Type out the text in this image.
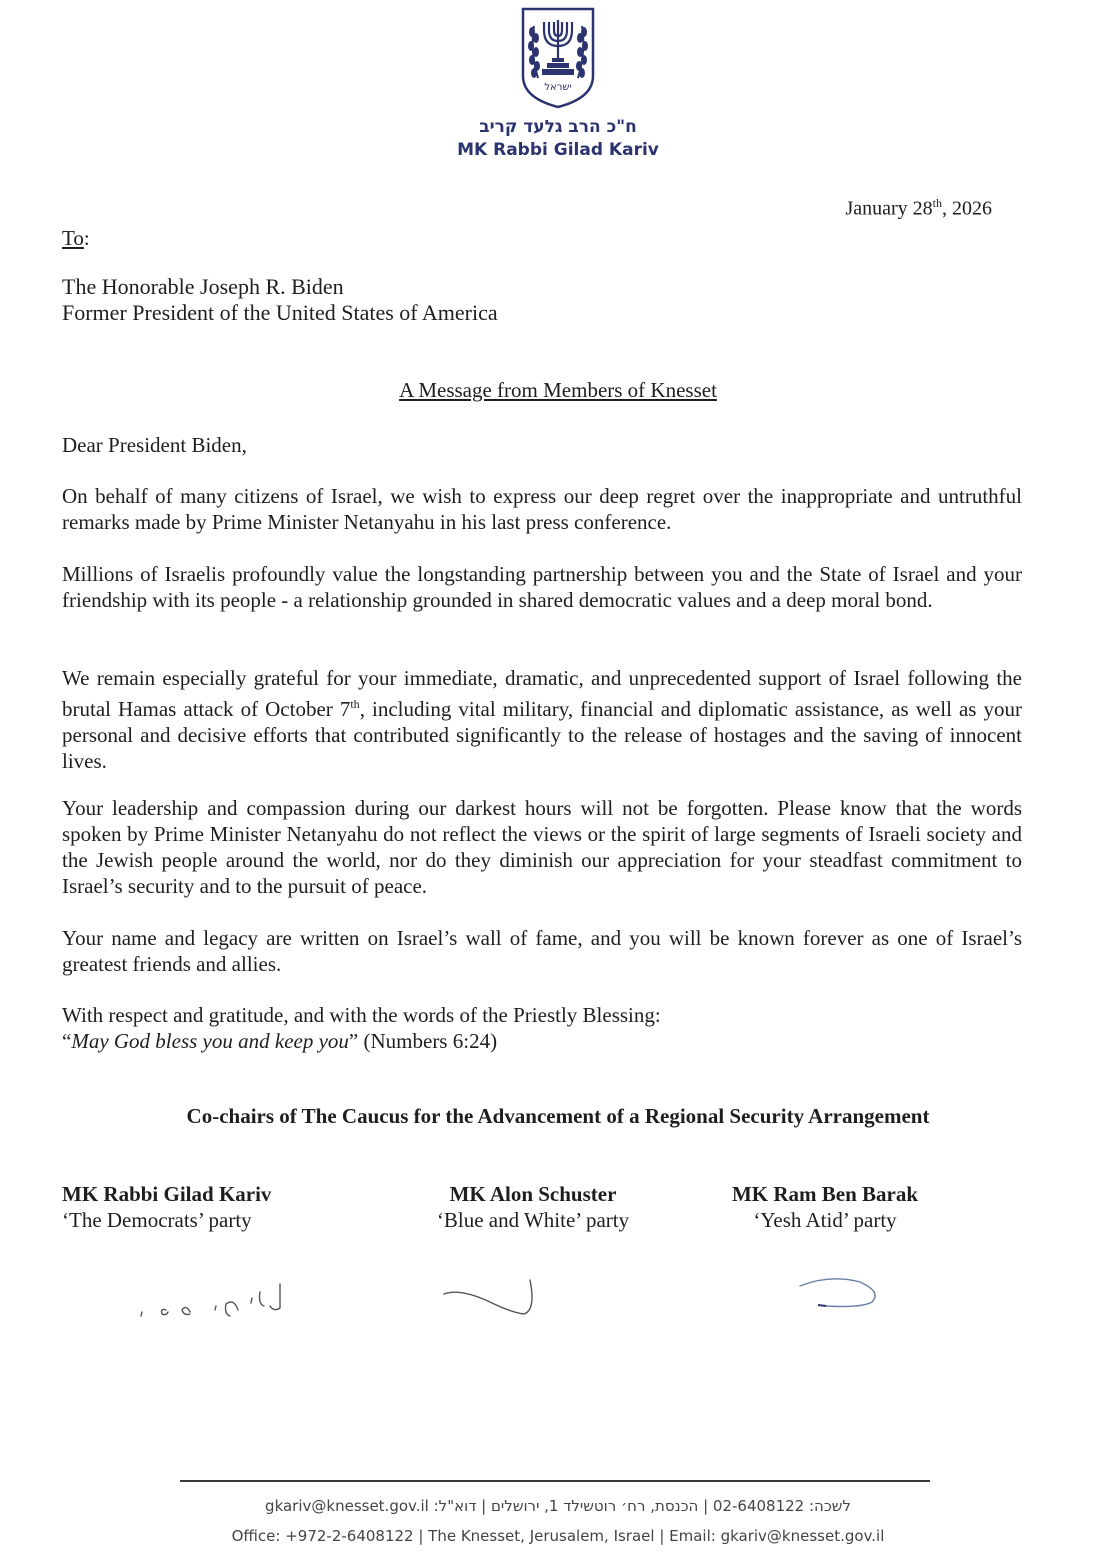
ישראל
ח"כ הרב גלעד קריב
MK Rabbi Gilad Kariv
January 28th, 2026
To:
The Honorable Joseph R. Biden
Former President of the United States of America
A Message from Members of Knesset
Dear President Biden,
On behalf of many citizens of Israel, we wish to express our deep regret over the inappropriate and untruthful remarks made by Prime Minister Netanyahu in his last press conference.
Millions of Israelis profoundly value the longstanding partnership between you and the State of Israel and your friendship with its people - a relationship grounded in shared democratic values and a deep moral bond.
We remain especially grateful for your immediate, dramatic, and unprecedented support of Israel following the brutal Hamas attack of October 7th, including vital military, financial and diplomatic assistance, as well as your personal and decisive efforts that contributed significantly to the release of hostages and the saving of innocent lives.
Your leadership and compassion during our darkest hours will not be forgotten. Please know that the words spoken by Prime Minister Netanyahu do not reflect the views or the spirit of large segments of Israeli society and the Jewish people around the world, nor do they diminish our appreciation for your steadfast commitment to Israel’s security and to the pursuit of peace.
Your name and legacy are written on Israel’s wall of fame, and you will be known forever as one of Israel’s greatest friends and allies.
With respect and gratitude, and with the words of the Priestly Blessing:
“May God bless you and keep you” (Numbers 6:24)
Co-chairs of The Caucus for the Advancement of a Regional Security Arrangement
MK Rabbi Gilad Kariv
‘The Democrats’ party
MK Alon Schuster
‘Blue and White’ party
MK Ram Ben Barak
‘Yesh Atid’ party
לשכה: 02-6408122 | הכנסת, רח׳ רוטשילד 1, ירושלים | דוא"ל: gkariv@knesset.gov.il
Office: +972-2-6408122 | The Knesset, Jerusalem, Israel | Email: gkariv@knesset.gov.il
